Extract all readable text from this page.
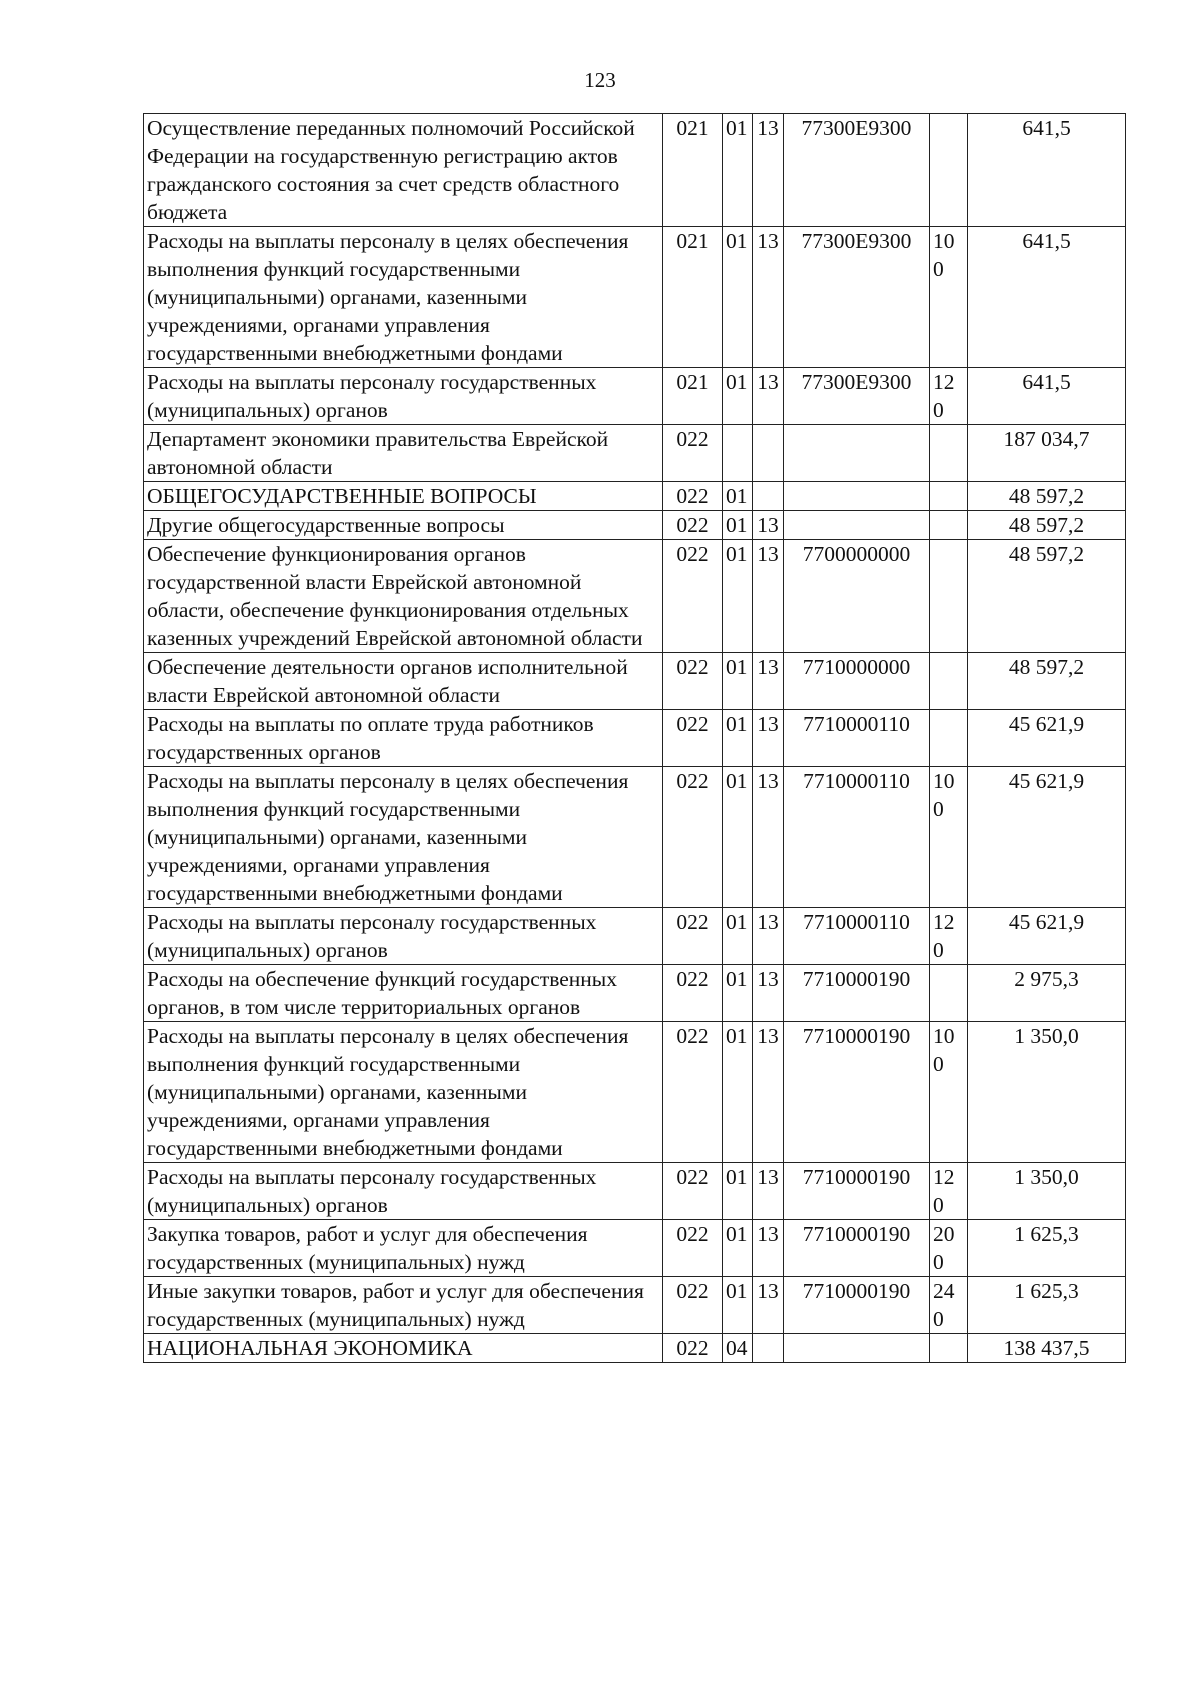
123
Осуществление переданных полномочий Российской Федерации на государственную регистрацию актов гражданского состояния за счет средств областного бюджета	021	01	13	77300Е9300		641,5
Расходы на выплаты персоналу в целях обеспечения выполнения функций государственными (муниципальными) органами, казенными учреждениями, органами управления государственными внебюджетными фондами	021	01	13	77300Е9300	100	641,5
Расходы на выплаты персоналу государственных (муниципальных) органов	021	01	13	77300Е9300	120	641,5
Департамент экономики правительства Еврейской автономной области	022					187 034,7
ОБЩЕГОСУДАРСТВЕННЫЕ ВОПРОСЫ	022	01				48 597,2
Другие общегосударственные вопросы	022	01	13			48 597,2
Обеспечение функционирования органов государственной власти Еврейской автономной области, обеспечение функционирования отдельных казенных учреждений Еврейской автономной области	022	01	13	7700000000		48 597,2
Обеспечение деятельности органов исполнительной власти Еврейской автономной области	022	01	13	7710000000		48 597,2
Расходы на выплаты по оплате труда работников государственных органов	022	01	13	7710000110		45 621,9
Расходы на выплаты персоналу в целях обеспечения выполнения функций государственными (муниципальными) органами, казенными учреждениями, органами управления государственными внебюджетными фондами	022	01	13	7710000110	100	45 621,9
Расходы на выплаты персоналу государственных (муниципальных) органов	022	01	13	7710000110	120	45 621,9
Расходы на обеспечение функций государственных органов, в том числе территориальных органов	022	01	13	7710000190		2 975,3
Расходы на выплаты персоналу в целях обеспечения выполнения функций государственными (муниципальными) органами, казенными учреждениями, органами управления государственными внебюджетными фондами	022	01	13	7710000190	100	1 350,0
Расходы на выплаты персоналу государственных (муниципальных) органов	022	01	13	7710000190	120	1 350,0
Закупка товаров, работ и услуг для обеспечения государственных (муниципальных) нужд	022	01	13	7710000190	200	1 625,3
Иные закупки товаров, работ и услуг для обеспечения государственных (муниципальных) нужд	022	01	13	7710000190	240	1 625,3
НАЦИОНАЛЬНАЯ ЭКОНОМИКА	022	04				138 437,5
